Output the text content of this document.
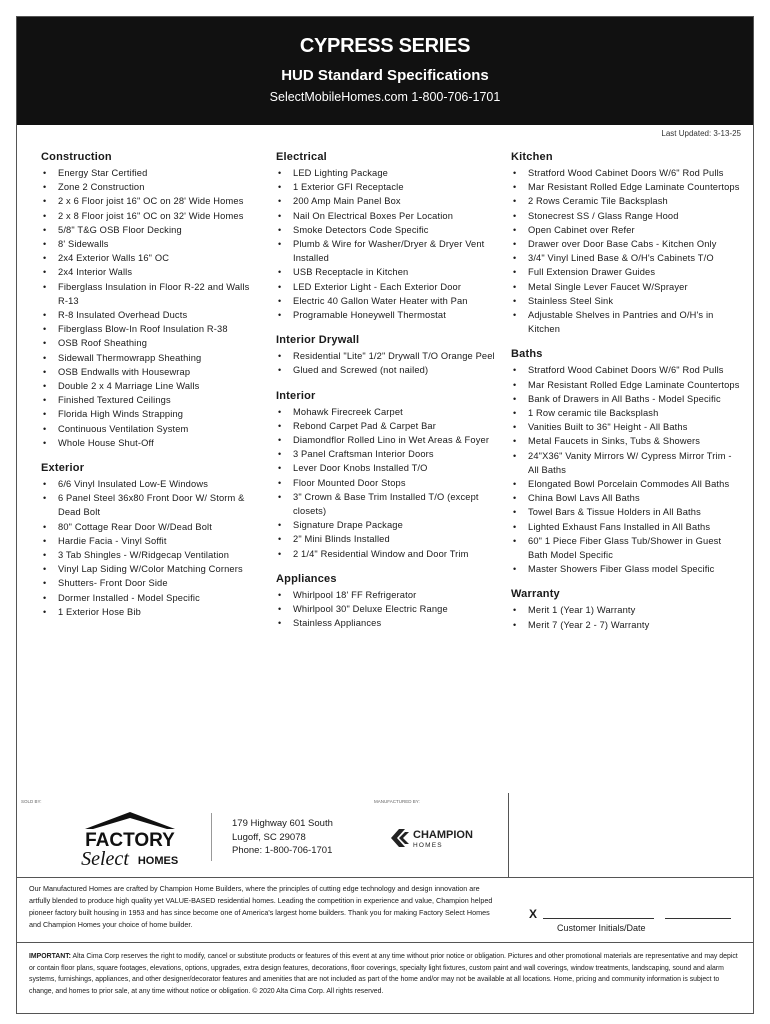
CYPRESS SERIES
HUD Standard Specifications
SelectMobileHomes.com 1-800-706-1701
Last Updated: 3-13-25
Construction
• Energy Star Certified
• Zone 2 Construction
• 2 x 6 Floor joist 16" OC on 28' Wide Homes
• 2 x 8 Floor joist 16" OC on 32' Wide Homes
• 5/8" T&G OSB Floor Decking
• 8' Sidewalls
• 2x4 Exterior Walls 16" OC
• 2x4 Interior Walls
• Fiberglass Insulation in Floor R-22 and Walls R-13
• R-8 Insulated Overhead Ducts
• Fiberglass Blow-In Roof Insulation R-38
• OSB Roof Sheathing
• Sidewall Thermowrapp Sheathing
• OSB Endwalls with Housewrap
• Double 2 x 4 Marriage Line Walls
• Finished Textured Ceilings
• Florida High Winds Strapping
• Continuous Ventilation System
• Whole House Shut-Off
Exterior
• 6/6 Vinyl Insulated Low-E Windows
• 6 Panel Steel 36x80 Front Door W/ Storm & Dead Bolt
• 80" Cottage Rear Door W/Dead Bolt
• Hardie Facia - Vinyl Soffit
• 3 Tab Shingles - W/Ridgecap Ventilation
• Vinyl Lap Siding W/Color Matching Corners
• Shutters- Front Door Side
• Dormer Installed - Model Specific
• 1 Exterior Hose Bib
Electrical
• LED Lighting Package
• 1 Exterior GFI Receptacle
• 200 Amp Main Panel Box
• Nail On Electrical Boxes Per Location
• Smoke Detectors Code Specific
• Plumb & Wire for Washer/Dryer & Dryer Vent Installed
• USB Receptacle in Kitchen
• LED Exterior Light - Each Exterior Door
• Electric 40 Gallon Water Heater with Pan
• Programable Honeywell Thermostat
Interior Drywall
• Residential "Lite" 1/2" Drywall T/O Orange Peel
• Glued and Screwed (not nailed)
Interior
• Mohawk Firecreek Carpet
• Rebond Carpet Pad & Carpet Bar
• Diamondflor Rolled Lino in Wet Areas & Foyer
• 3 Panel Craftsman Interior Doors
• Lever Door Knobs Installed T/O
• Floor Mounted Door Stops
• 3" Crown & Base Trim Installed T/O (except closets)
• Signature Drape Package
• 2" Mini Blinds Installed
• 2 1/4" Residential Window and Door Trim
Appliances
• Whirlpool 18' FF Refrigerator
• Whirlpool 30" Deluxe Electric Range
• Stainless Appliances
Kitchen
• Stratford Wood Cabinet Doors W/6" Rod Pulls
• Mar Resistant Rolled Edge Laminate Countertops
• 2 Rows Ceramic Tile Backsplash
• Stonecrest SS / Glass Range Hood
• Open Cabinet over Refer
• Drawer over Door Base Cabs - Kitchen Only
• 3/4" Vinyl Lined Base & O/H's Cabinets T/O
• Full Extension Drawer Guides
• Metal Single Lever Faucet W/Sprayer
• Stainless Steel Sink
• Adjustable Shelves in Pantries and O/H's in Kitchen
Baths
• Stratford Wood Cabinet Doors W/6" Rod Pulls
• Mar Resistant Rolled Edge Laminate Countertops
• Bank of Drawers in All Baths - Model Specific
• 1 Row ceramic tile Backsplash
• Vanities Built to 36" Height - All Baths
• Metal Faucets in Sinks, Tubs & Showers
• 24"X36" Vanity Mirrors W/ Cypress Mirror Trim - All Baths
• Elongated Bowl Porcelain Commodes All Baths
• China Bowl Lavs All Baths
• Towel Bars & Tissue Holders in All Baths
• Lighted Exhaust Fans Installed in All Baths
• 60" 1 Piece Fiber Glass Tub/Shower in Guest Bath Model Specific
• Master Showers Fiber Glass model Specific
Warranty
• Merit 1 (Year 1) Warranty
• Merit 7 (Year 2 - 7) Warranty
SOLD BY:	MANUFACTURED BY:
FACTORY
Select HOMES
179 Highway 601 South
Lugoff, SC 29078
Phone: 1-800-706-1701
CHAMPION
HOMES
Our Manufactured Homes are crafted by Champion Home Builders, where the principles of cutting edge technology and design innovation are artfully blended to produce high quality yet VALUE-BASED residential homes. Leading the competition in experience and value, Champion helped pioneer factory built housing in 1953 and has since become one of America's largest home builders. Thank you for making Factory Select Homes and Champion Homes your choice of home builder.
X
Customer Initials/Date
IMPORTANT: Alta Cima Corp reserves the right to modify, cancel or substitute products or features of this event at any time without prior notice or obligation. Pictures and other promotional materials are representative and may depict or contain floor plans, square footages, elevations, options, upgrades, extra design features, decorations, floor coverings, specialty light fixtures, custom paint and wall coverings, window treatments, landscaping, sound and alarm systems, furnishings, appliances, and other designer/decorator features and amenities that are not included as part of the home and/or may not be available at all locations. Home, pricing and community information is subject to change, and homes to prior sale, at any time without notice or obligation. © 2020 Alta Cima Corp. All rights reserved.
